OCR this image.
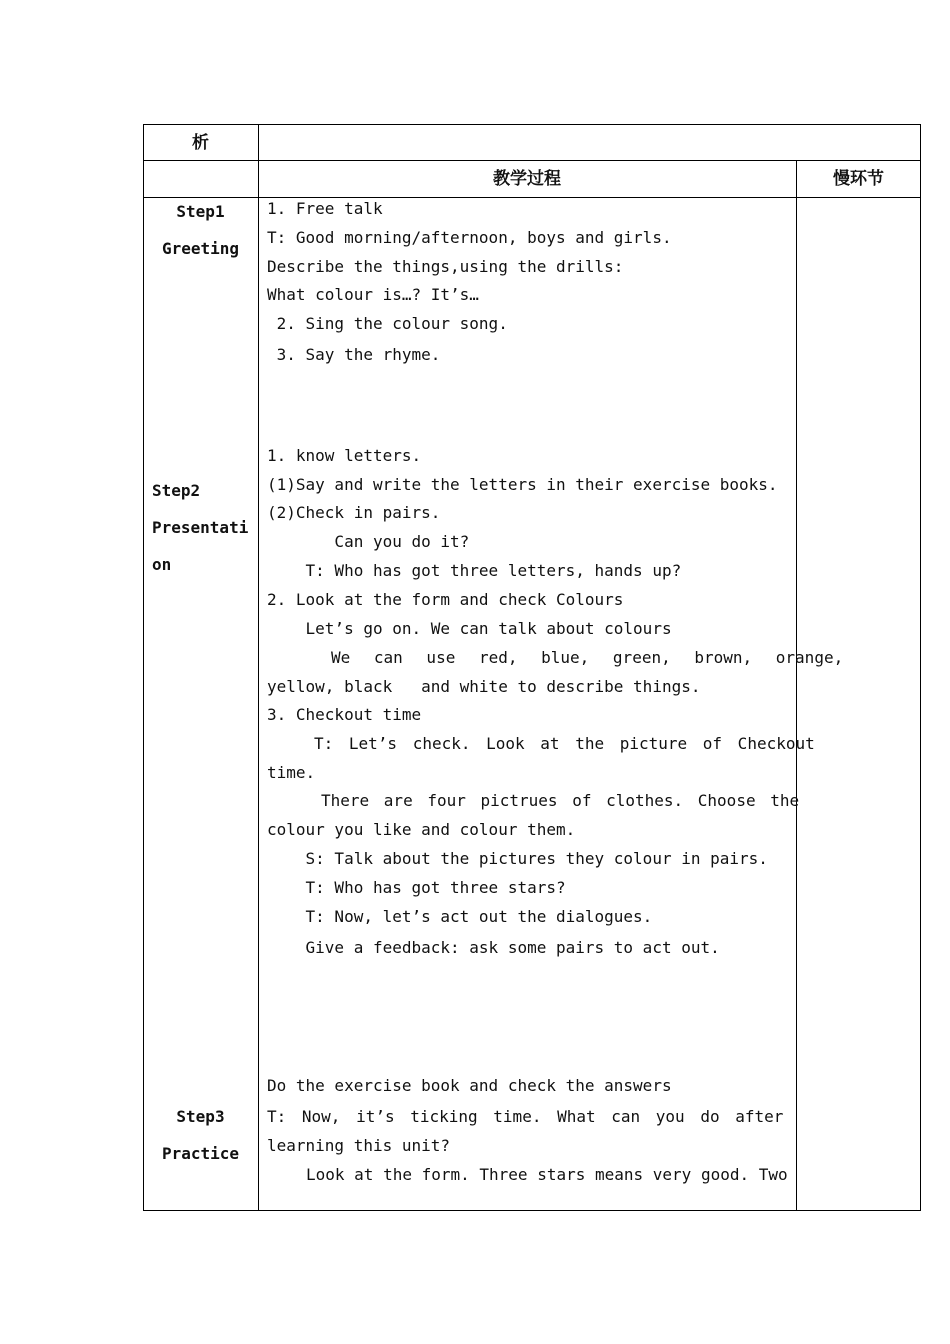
析
教学过程	慢环节
Step1
Greeting
Step2
Presentati
on
Step3
Practice
1. Free talk
T: Good morning/afternoon, boys and girls.
Describe the things,using the drills:
What colour is…? It’s…
2. Sing the colour song.
3. Say the rhyme.
1. know letters.
(1)Say and write the letters in their exercise books.
(2)Check in pairs.
Can you do it?
T: Who has got three letters, hands up?
2. Look at the form and check Colours
Let’s go on. We can talk about colours
We can use red, blue, green, brown, orange,
yellow, black   and white to describe things.
3. Checkout time
T: Let’s check. Look at the picture of Checkout
time.
There are four pictrues of clothes. Choose the
colour you like and colour them.
S: Talk about the pictures they colour in pairs.
T: Who has got three stars?
T: Now, let’s act out the dialogues.
Give a feedback: ask some pairs to act out.
Do the exercise book and check the answers
T: Now, it’s ticking time. What can you do after
learning this unit?
Look at the form. Three stars means very good. Two
